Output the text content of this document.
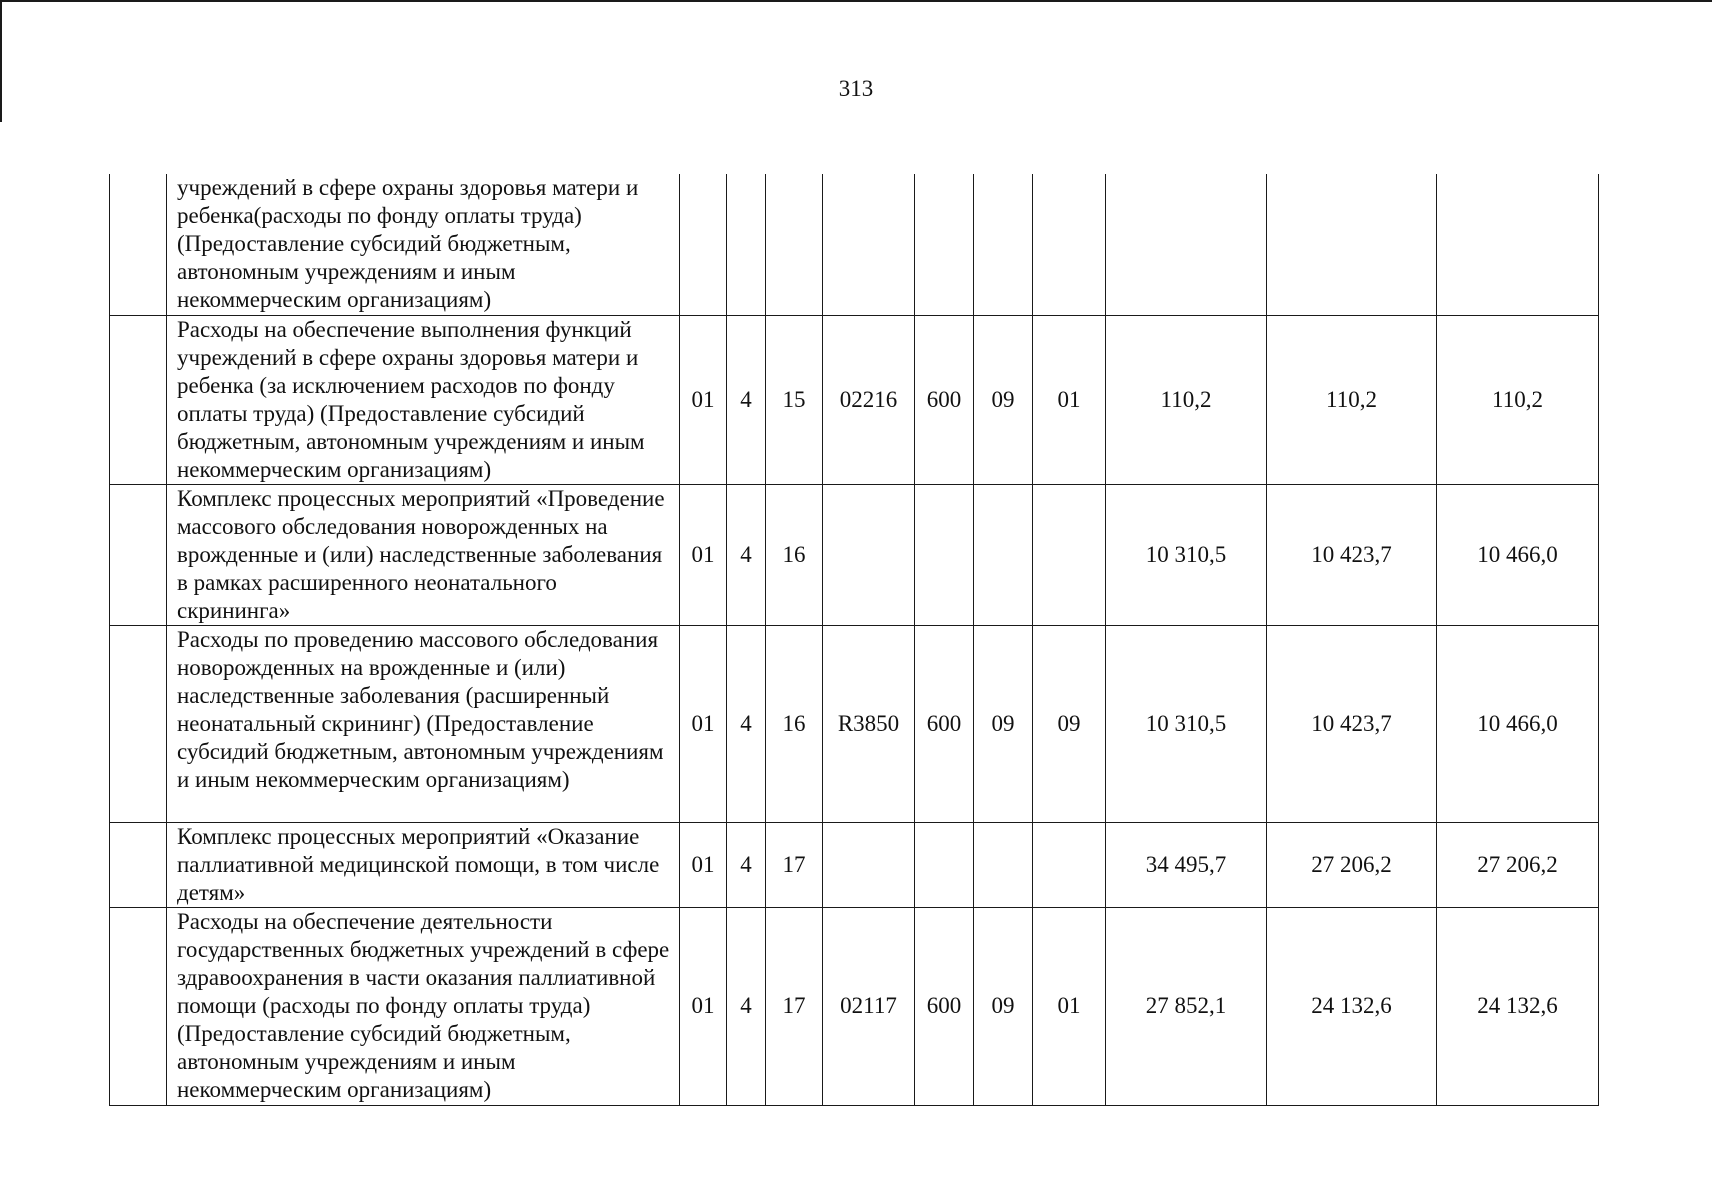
313
	учреждений в сфере охраны здоровья матери и ребенка(расходы по фонду оплаты труда) (Предоставление субсидий бюджетным, автономным учреждениям и иным некоммерческим организациям)										
	Расходы на обеспечение выполнения функций учреждений в сфере охраны здоровья матери и ребенка (за исключением расходов по фонду оплаты труда) (Предоставление субсидий бюджетным, автономным учреждениям и иным некоммерческим организациям)	01	4	15	02216	600	09	01	110,2	110,2	110,2
	Комплекс процессных мероприятий «Проведение массового обследования новорожденных на врожденные и (или) наследственные заболевания в рамках расширенного неонатального скрининга»	01	4	16					10 310,5	10 423,7	10 466,0
	Расходы по проведению массового обследования новорожденных на врожденные и (или) наследственные заболевания (расширенный неонатальный скрининг) (Предоставление субсидий бюджетным, автономным учреждениям и иным некоммерческим организациям)	01	4	16	R3850	600	09	09	10 310,5	10 423,7	10 466,0
	Комплекс процессных мероприятий «Оказание паллиативной медицинской помощи, в том числе детям»	01	4	17					34 495,7	27 206,2	27 206,2
	Расходы на обеспечение деятельности государственных бюджетных учреждений в сфере здравоохранения в части оказания паллиативной помощи (расходы по фонду оплаты труда) (Предоставление субсидий бюджетным, автономным учреждениям и иным некоммерческим организациям)	01	4	17	02117	600	09	01	27 852,1	24 132,6	24 132,6
